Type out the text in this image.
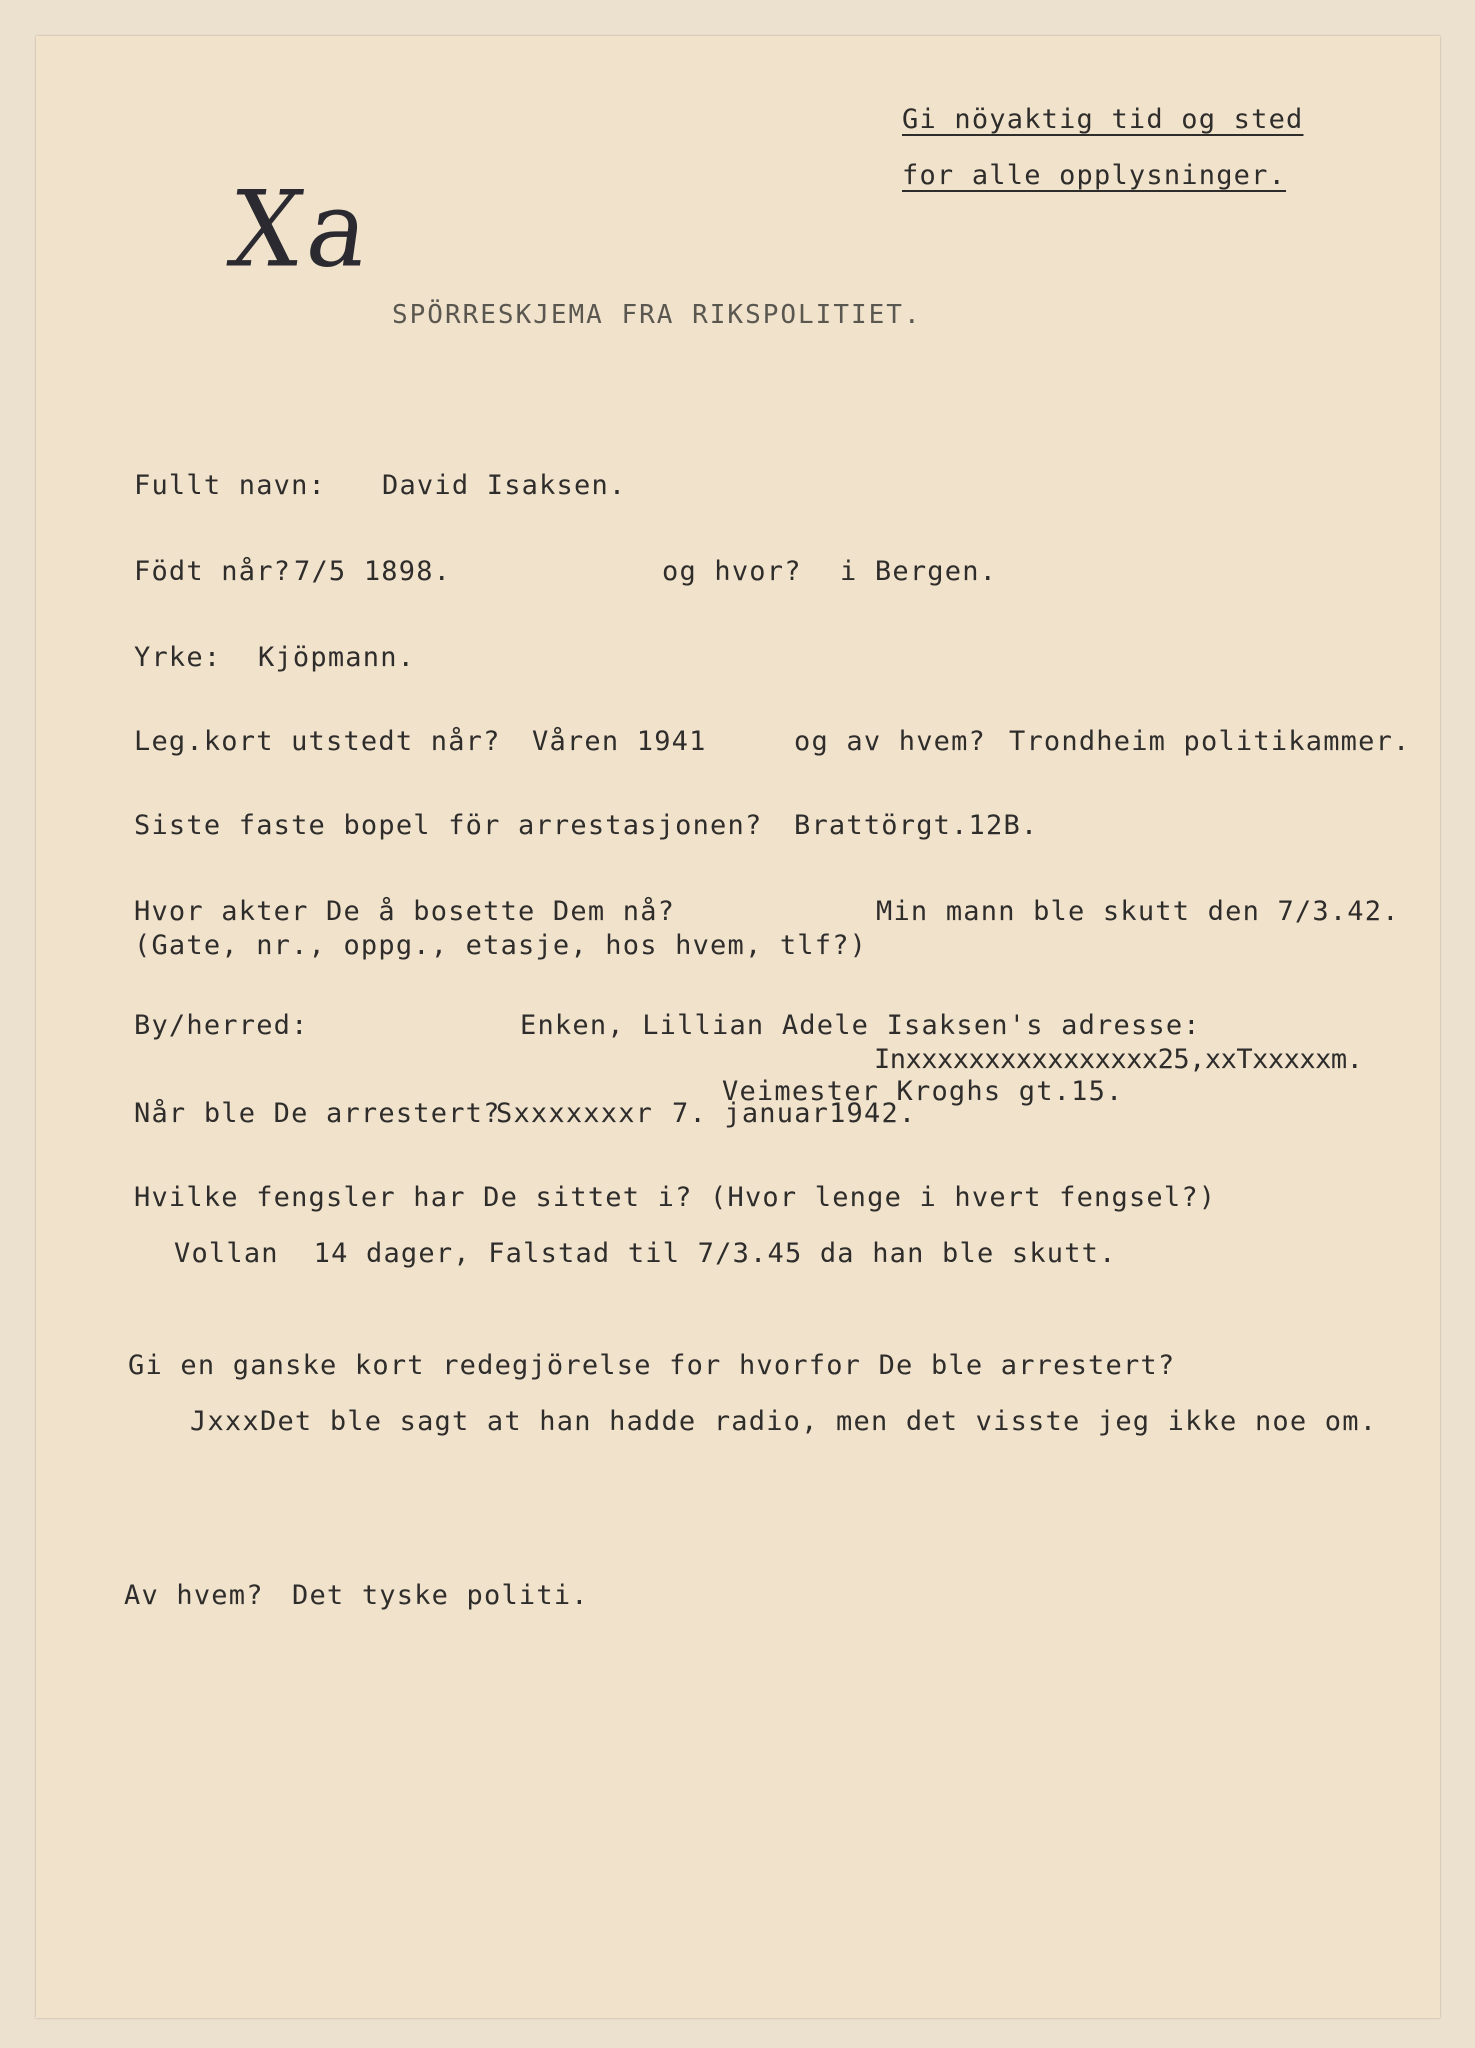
Xa
Gi nöyaktig tid og sted
for alle opplysninger.
SPÖRRESKJEMA FRA RIKSPOLITIET.
Fullt navn: David Isaksen.
Födt når? 7/5 1898.	og hvor? i Bergen.
Yrke: Kjöpmann.
Leg.kort utstedt når? Våren 1941	og av hvem? Trondheim politikammer.
Siste faste bopel för arrestasjonen? Brattörgt.12B.
Hvor akter De å bosette Dem nå?	Min mann ble skutt den 7/3.42.
(Gate, nr., oppg., etasje, hos hvem, tlf?)
By/herred:	Enken, Lillian Adele Isaksen's adresse:
Inxxxxxxxxxxxxxxxx25,xxTxxxxxm.
Veimester Kroghs gt.15.
Når ble De arrestert?
Sxxxxxxxr 7. januar1942.
Hvilke fengsler har De sittet i? (Hvor lenge i hvert fengsel?)
Vollan  14 dager, Falstad til 7/3.45 da han ble skutt.
Gi en ganske kort redegjörelse for hvorfor De ble arrestert?
Jxxx Det ble sagt at han hadde radio, men det visste jeg ikke noe om.
Av hvem? Det tyske politi.
